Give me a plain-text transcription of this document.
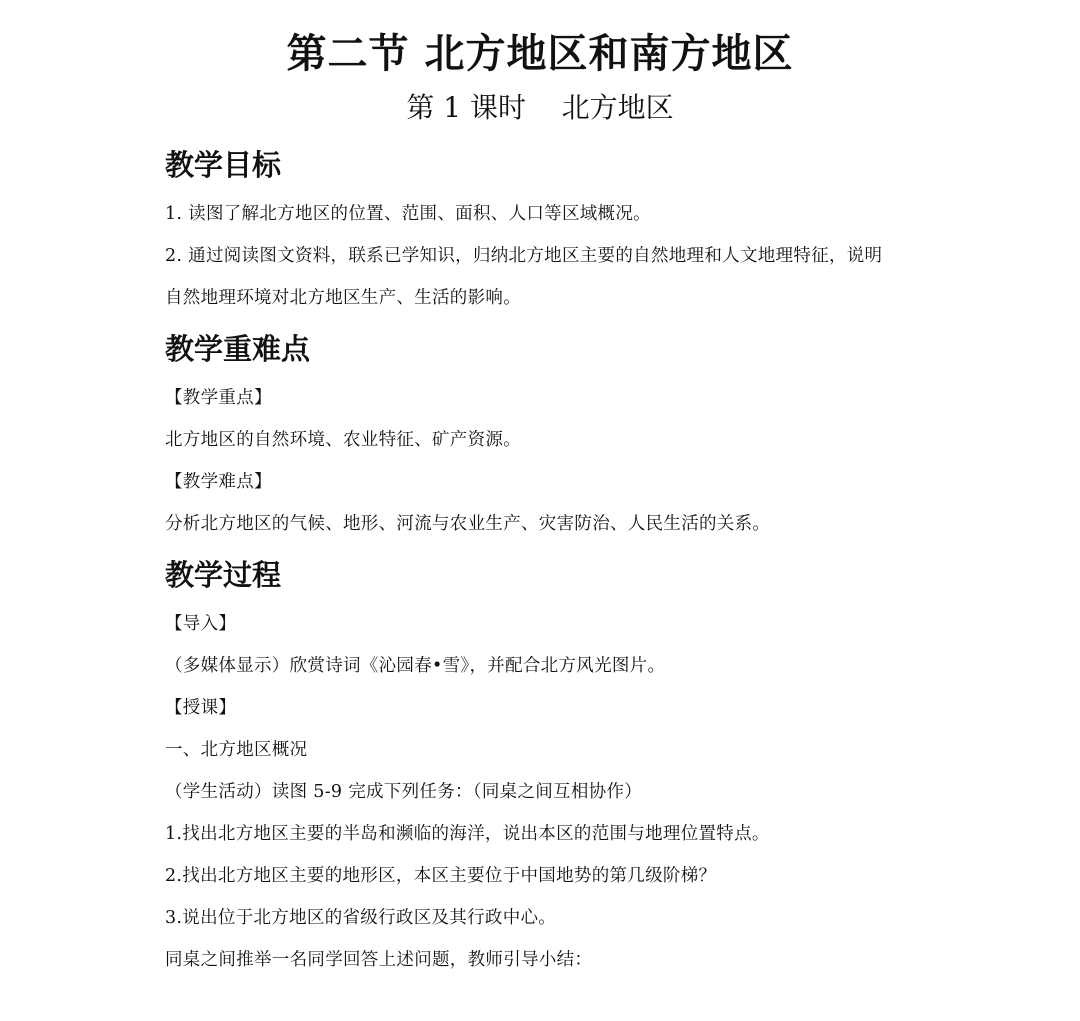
第二节 北方地区和南方地区
第 1 课时    北方地区
教学目标
1. 读图了解北方地区的位置、范围、面积、人口等区域概况。
2. 通过阅读图文资料，联系已学知识，归纳北方地区主要的自然地理和人文地理特征，说明
自然地理环境对北方地区生产、生活的影响。
教学重难点
【教学重点】
北方地区的自然环境、农业特征、矿产资源。
【教学难点】
分析北方地区的气候、地形、河流与农业生产、灾害防治、人民生活的关系。
教学过程
【导入】
（多媒体显示）欣赏诗词《沁园春•雪》，并配合北方风光图片。
【授课】
一、北方地区概况
（学生活动）读图 5-9 完成下列任务：（同桌之间互相协作）
1.找出北方地区主要的半岛和濒临的海洋，说出本区的范围与地理位置特点。
2.找出北方地区主要的地形区，本区主要位于中国地势的第几级阶梯？
3.说出位于北方地区的省级行政区及其行政中心。
同桌之间推举一名同学回答上述问题，教师引导小结：
